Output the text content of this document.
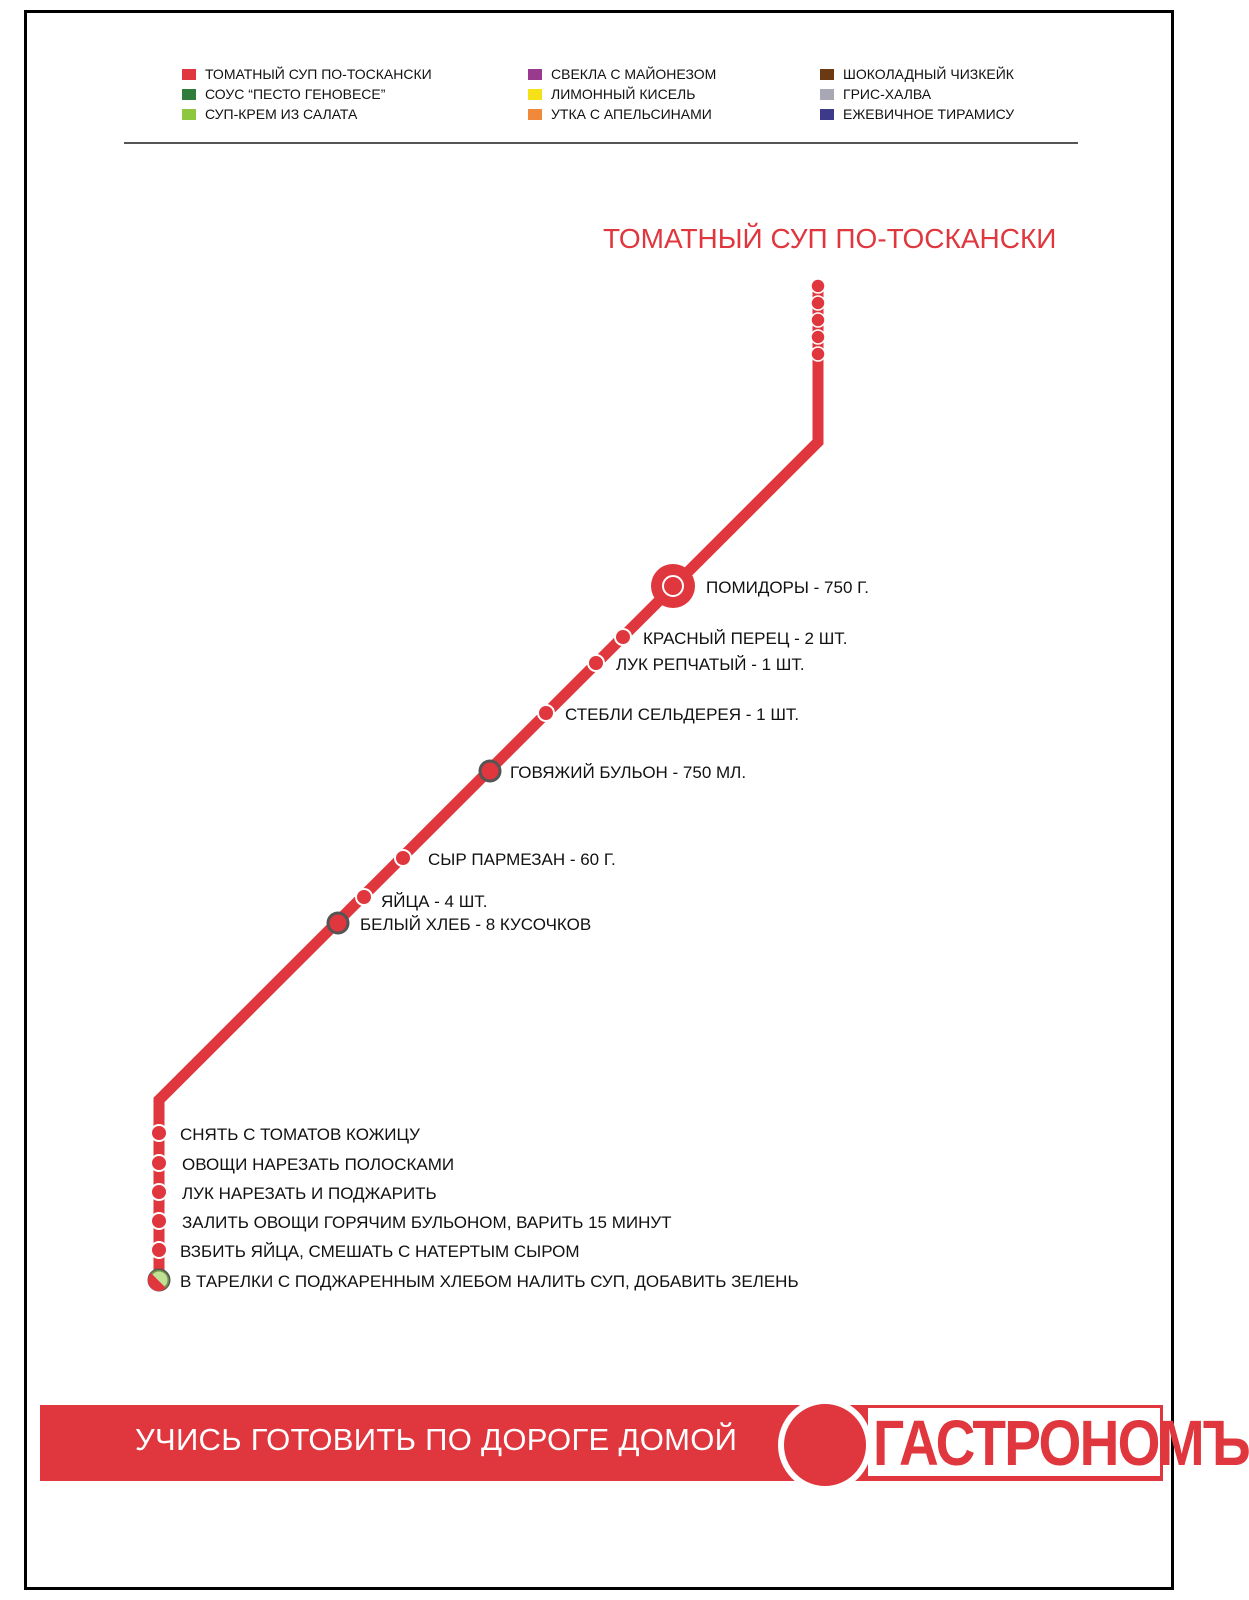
ТОМАТНЫЙ СУП ПО-ТОСКАНСКИ
СОУС “ПЕСТО ГЕНОВЕСЕ”
СУП-КРЕМ ИЗ САЛАТА
СВЕКЛА С МАЙОНЕЗОМ
ЛИМОННЫЙ КИСЕЛЬ
УТКА С АПЕЛЬСИНАМИ
ШОКОЛАДНЫЙ ЧИЗКЕЙК
ГРИС-ХАЛВА
ЕЖЕВИЧНОЕ ТИРАМИСУ
ТОМАТНЫЙ СУП ПО-ТОСКАНСКИ
ПОМИДОРЫ - 750 Г.
КРАСНЫЙ ПЕРЕЦ - 2 ШТ.
ЛУК РЕПЧАТЫЙ - 1 ШТ.
СТЕБЛИ СЕЛЬДЕРЕЯ - 1 ШТ.
ГОВЯЖИЙ БУЛЬОН - 750 МЛ.
СЫР ПАРМЕЗАН - 60 Г.
ЯЙЦА - 4 ШТ.
БЕЛЫЙ ХЛЕБ - 8 КУСОЧКОВ
СНЯТЬ С ТОМАТОВ КОЖИЦУ
ОВОЩИ НАРЕЗАТЬ ПОЛОСКАМИ
ЛУК НАРЕЗАТЬ И ПОДЖАРИТЬ
ЗАЛИТЬ ОВОЩИ ГОРЯЧИМ БУЛЬОНОМ, ВАРИТЬ 15 МИНУТ
ВЗБИТЬ ЯЙЦА, СМЕШАТЬ С НАТЕРТЫМ СЫРОМ
В ТАРЕЛКИ С ПОДЖАРЕННЫМ ХЛЕБОМ НАЛИТЬ СУП, ДОБАВИТЬ ЗЕЛЕНЬ
УЧИСЬ ГОТОВИТЬ ПО ДОРОГЕ ДОМОЙ ГАСТРОНОМЪ
